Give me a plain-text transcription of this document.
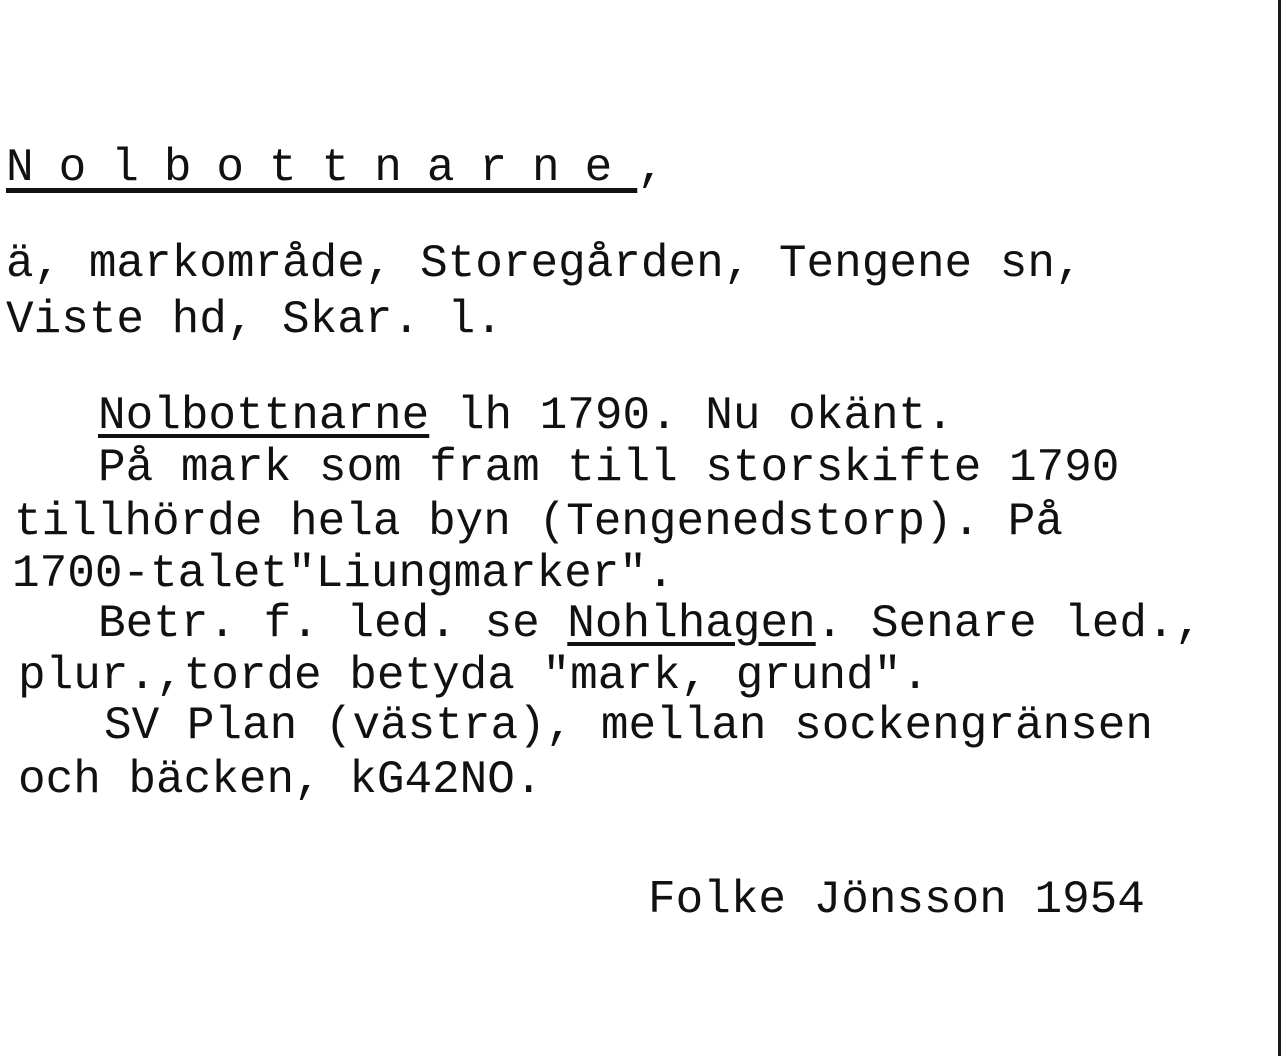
Nolbottnarne,
ä, markområde, Storegården, Tengene sn,
Viste hd, Skar. l.
Nolbottnarne lh 1790. Nu okänt.
På mark som fram till storskifte 1790
tillhörde hela byn (Tengenedstorp). På
1700-talet"Liungmarker".
Betr. f. led. se Nohlhagen. Senare led.,
plur.,torde betyda "mark, grund".
SV Plan (västra), mellan sockengränsen
och bäcken, kG42NO.
Folke Jönsson 1954
